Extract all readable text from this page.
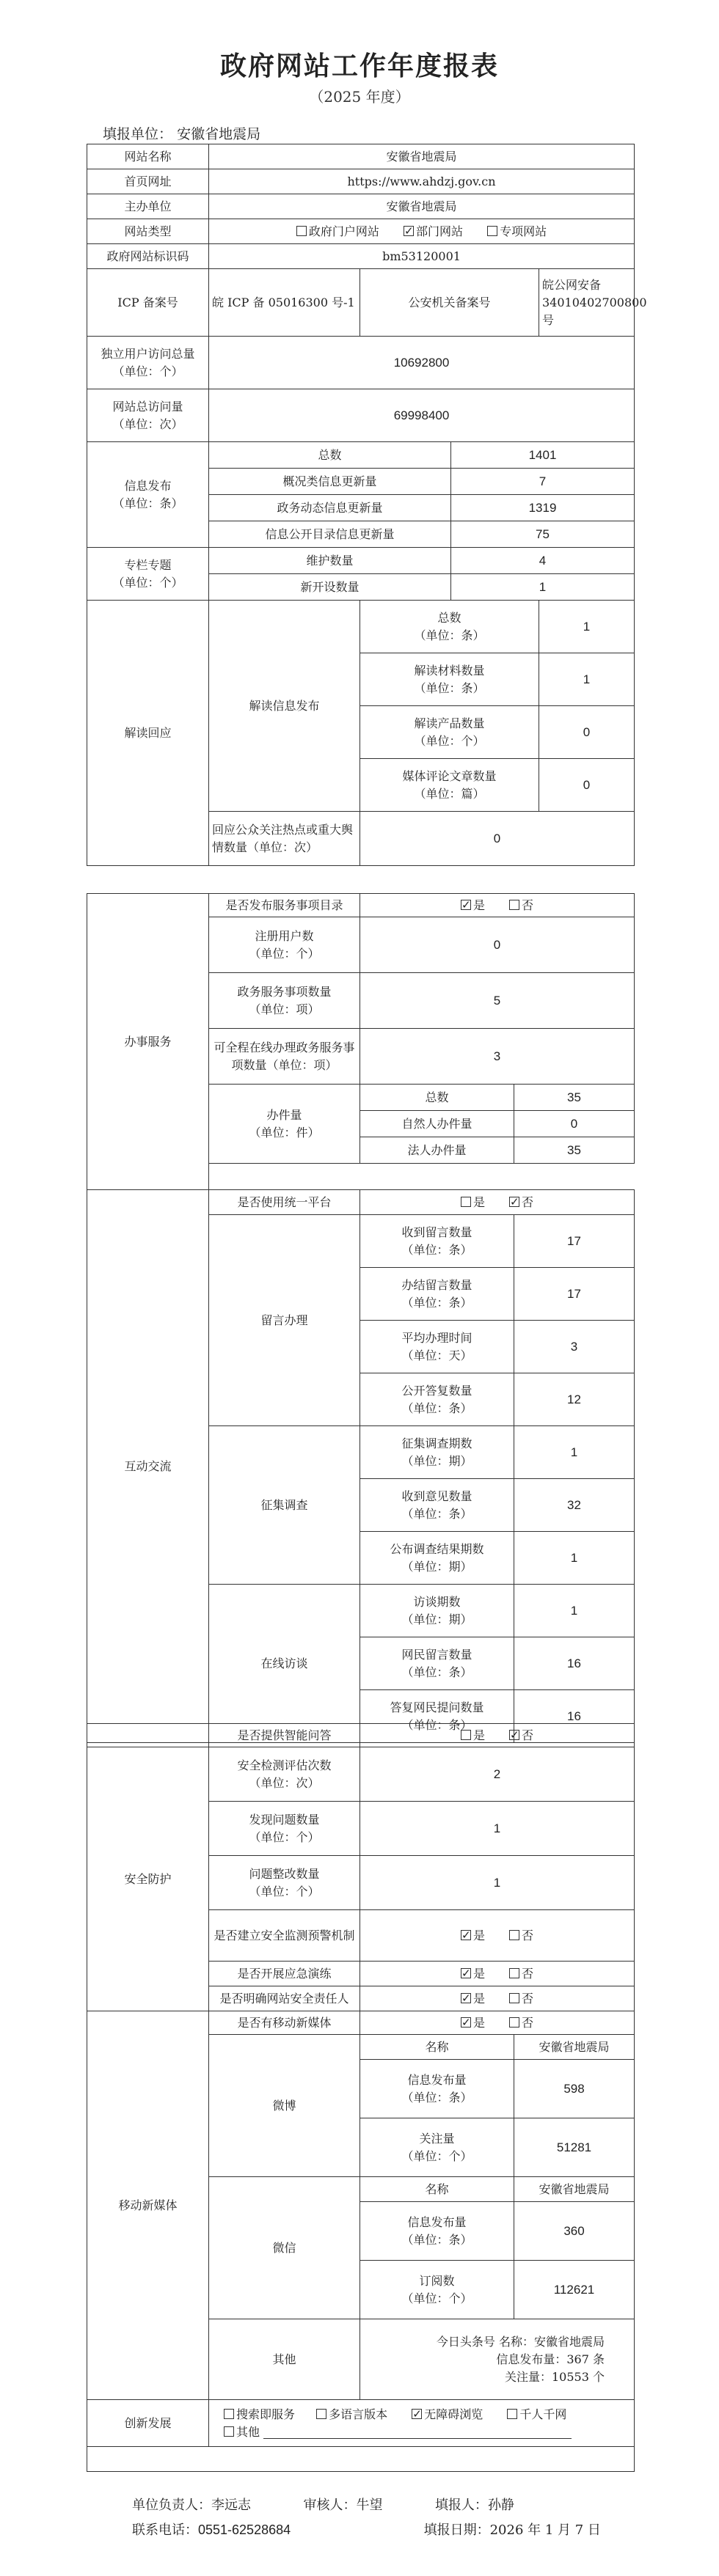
政府网站工作年度报表
（2025 年度）
填报单位： 安徽省地震局
网站名称	安徽省地震局			
首页网址	https://www.ahdzj.gov.cn			
主办单位	安徽省地震局			
网站类型	政府门户网站 ✓ 部门网站 专项网站
政府网站标识码	bm53120001			
ICP 备案号	皖 ICP 备 05016300 号-1	公安机关备案号		皖公网安备 34010402700800 号

独立用户访问总量
（单位：个）	10692800			

网站总访问量
（单位：次）	69998400			

信息发布
（单位：条）	总数		1401	
	概况类信息更新量		7	
	政务动态信息更新量		1319	
	信息公开目录信息更新量		75	

专栏专题
（单位：个）	维护数量		4	
	新开设数量		1	
解读回应	解读信息发布	总数
（单位：条）		1

		解读材料数量
（单位：条）		1

		解读产品数量
（单位：个）		0

		媒体评论文章数量
（单位：篇）		0
	回应公众关注热点或重大舆情数量（单位：次）	0		
办事服务	是否发布服务事项目录	✓是 否

	注册用户数
（单位：个）	0	

	政务服务事项数量
（单位：项）	5	
	可全程在线办理政务服务事项数量（单位：项）	3	

	办件量
（单位：件）	总数	35
		自然人办件量	0
		法人办件量	35

互动交流	是否使用统一平台	是 ✓ 否
	留言办理	收到留言数量
（单位：条）	17

		办结留言数量
（单位：条）	17

		平均办理时间
（单位：天）	3

		公开答复数量
（单位：条）	12
	征集调查	征集调查期数
（单位：期）	1

		收到意见数量
（单位：条）	32

		公布调查结果期数
（单位：期）	1
	在线访谈	访谈期数
（单位：期）	1

		网民留言数量
（单位：条）	16

		答复网民提问数量
（单位：条）	16
	是否提供智能问答	是 ✓ 否
安全防护	安全检测评估次数
（单位：次）	2	

	发现问题数量
（单位：个）	1	

	问题整改数量
（单位：个）	1	
	是否建立安全监测预警机制	✓是 否
	是否开展应急演练	✓是 否
	是否明确网站安全责任人	✓是 否
移动新媒体	是否有移动新媒体	✓是 否
	微博	名称	安徽省地震局

		信息发布量
（单位：条）	598

		关注量
（单位：个）	51281
	微信	名称	安徽省地震局

		信息发布量
（单位：条）	360

		订阅数
（单位：个）	112621
	其他	今日头条号 名称：安徽省地震局
信息发布量：367 条
关注量：10553 个	

创新发展	搜索即服务 多语言版本 ✓ 无障碍浏览 千人千网
其他

单位负责人：李远志	审核人：牛望	填报人：孙静
联系电话：0551-62528684	填报日期：2026 年 1 月 7 日
